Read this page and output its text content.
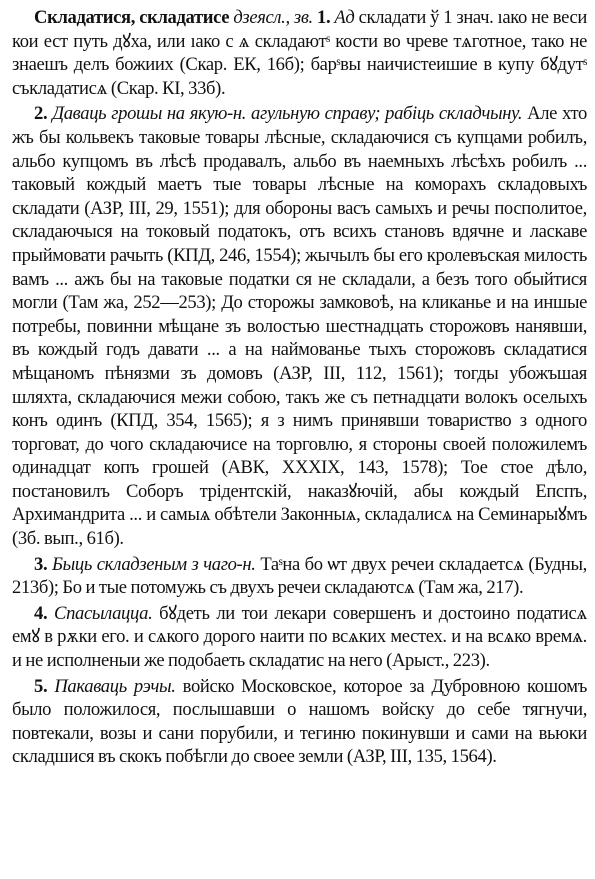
Складатися, складатисе дзеясл., зв. 1. Ад складати ў 1 знач. ıако не веси кои ест путь дꙋха, или ıако с ѧ складаютˢ кости во чреве тѧготное, тако не знаешъ делъ божиих (Скар. ЕК, 16б); барˢвы наичистеишие в купу бꙋдутˢ съкладатисѧ (Скар. КІ, 33б).

2. Даваць грошы на якую-н. агульную справу; рабіць складчыну. Але хто жъ бы кольвекъ таковые товары лѣсные, складаючися съ купцами робилъ, альбо купцомъ въ лѣсѣ продавалъ, альбо въ наемныхъ лѣсѣхъ робилъ ... таковый кождый маетъ тые товары лѣсные на коморахъ складовыхъ складати (АЗР, III, 29, 1551); для обороны васъ самыхъ и речы посполитое, складаючыся на токовый податокъ, отъ всихъ становъ вдячне и ласкаве прыймовати рачыть (КПД, 246, 1554); жычылъ бы его кролевъская милость вамъ ... ажъ бы на таковые податки ся не складали, а безъ того обыйтися могли (Там жа, 252—253); До сторожы замковоѣ, на кликанье и на иншые потребы, повинни мѣщане зъ волостью шестнадцать сторожовъ нанявши, въ кождый годъ давати ... а на наймованье тыхъ сторожовъ складатися мѣщаномъ пѣнязми зъ домовъ (АЗР, III, 112, 1561); тогды убожъшая шляхта, складаючися межи собою, такъ же съ петнадцати волокъ оселыхъ конъ одинъ (КПД, 354, 1565); я з нимъ принявши товариство з одного торговат, до чого складаючисе на торговлю, я стороны своей положилемъ одинадцат копъ грошей (АВК, XXXIX, 143, 1578); Тое стое дѣло, постановилъ Соборъ трідентскій, наказꙋючій, абы кождый Епспъ, Архимандрита ... и самыѧ обѣтели Законныѧ, складалисѧ на Семинарыꙋмъ (3б. вып., 61б).

3. Быць складзеным з чаго-н. Таˢна бо ѡт двух речеи складаетсѧ (Будны, 213б); Бо и тые потомужь съ двухъ речеи складаютсѧ (Там жа, 217).

4. Спасылацца. бꙋдеть ли тои лекари совершенъ и достоино податисѧ емꙋ в рѫки его. и сѧкого дорого наити по всѧких местех. и на всѧко времѧ. и не исполненыи же подобаеть складатис на него (Арыст., 223).

5. Пакаваць рэчы. войско Московское, которое за Дубровною кошомъ было положилося, послышавши о нашомъ войску до себе тягнучи, повтекали, возы и сани порубили, и тегиню покинувши и сами на вьюки складшися въ скокъ побѣгли до своее земли (АЗР, III, 135, 1564).
